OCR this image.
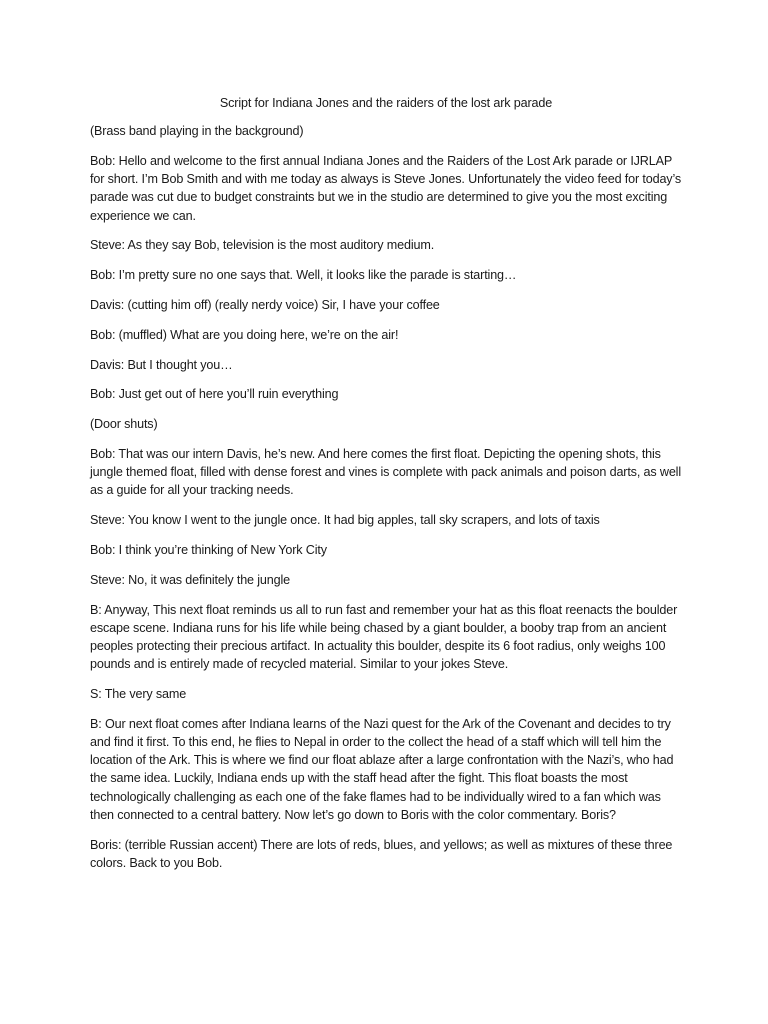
Script for Indiana Jones and the raiders of the lost ark parade
(Brass band playing in the background)
Bob: Hello and welcome to the first annual Indiana Jones and the Raiders of the Lost Ark parade or IJRLAP for short. I’m Bob Smith and with me today as always is Steve Jones. Unfortunately the video feed for today’s parade was cut due to budget constraints but we in the studio are determined to give you the most exciting experience we can.
Steve: As they say Bob, television is the most auditory medium.
Bob: I’m pretty sure no one says that. Well, it looks like the parade is starting…
Davis: (cutting him off) (really nerdy voice) Sir, I have your coffee
Bob: (muffled) What are you doing here, we’re on the air!
Davis: But I thought you…
Bob: Just get out of here you’ll ruin everything
(Door shuts)
Bob: That was our intern Davis, he’s new. And here comes the first float. Depicting the opening shots, this jungle themed float, filled with dense forest and vines is complete with pack animals and poison darts, as well as a guide for all your tracking needs.
Steve: You know I went to the jungle once. It had big apples, tall sky scrapers, and lots of taxis
Bob: I think you’re thinking of New York City
Steve: No, it was definitely the jungle
B: Anyway, This next float reminds us all to run fast and remember your hat as this float reenacts the boulder escape scene. Indiana runs for his life while being chased by a giant boulder, a booby trap from an ancient peoples protecting their precious artifact. In actuality this boulder, despite its 6 foot radius, only weighs 100 pounds and is entirely made of recycled material. Similar to your jokes Steve.
S: The very same
B: Our next float comes after Indiana learns of the Nazi quest for the Ark of the Covenant and decides to try and find it first. To this end, he flies to Nepal in order to the collect the head of a staff which will tell him the location of the Ark. This is where we find our float ablaze after a large confrontation with the Nazi’s, who had the same idea. Luckily, Indiana ends up with the staff head after the fight. This float boasts the most technologically challenging as each one of the fake flames had to be individually wired to a fan which was then connected to a central battery. Now let’s go down to Boris with the color commentary. Boris?
Boris: (terrible Russian accent) There are lots of reds, blues, and yellows; as well as mixtures of these three colors. Back to you Bob.
